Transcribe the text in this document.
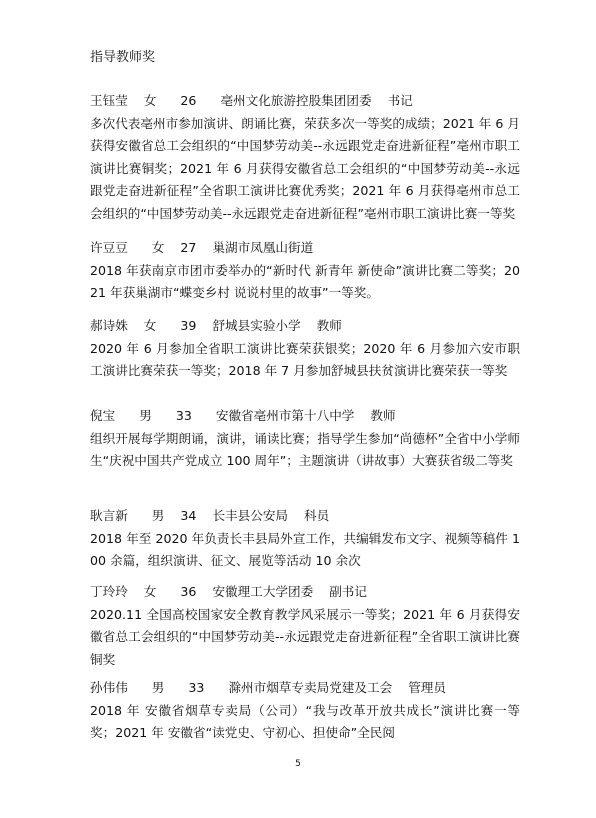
指导教师奖
王钰莹    女      26      亳州文化旅游控股集团团委    书记
多次代表亳州市参加演讲、朗诵比赛，荣获多次一等奖的成绩；2021 年 6 月获得安徽省总工会组织的“中国梦劳动美--永远跟党走奋进新征程”亳州市职工演讲比赛铜奖；2021 年 6 月获得安徽省总工会组织的“中国梦劳动美--永远跟党走奋进新征程”全省职工演讲比赛优秀奖；2021 年 6 月获得亳州市总工会组织的“中国梦劳动美--永远跟党走奋进新征程”亳州市职工演讲比赛一等奖
许豆豆      女    27    巢湖市凤凰山街道
2018 年获南京市团市委举办的“新时代 新青年 新使命”演讲比赛二等奖；2021 年获巢湖市“蝶变乡村 说说村里的故事”一等奖。
郝诗姝    女      39    舒城县实验小学    教师
2020 年 6 月参加全省职工演讲比赛荣获银奖；2020 年 6 月参加六安市职工演讲比赛荣获一等奖；2018 年 7 月参加舒城县扶贫演讲比赛荣获一等奖
倪宝      男      33      安徽省亳州市第十八中学    教师
组织开展每学期朗诵，演讲，诵读比赛；指导学生参加“尚德杯”全省中小学师生“庆祝中国共产党成立 100 周年”；主题演讲（讲故事）大赛获省级二等奖
耿言新      男    34    长丰县公安局    科员
2018 年至 2020 年负责长丰县局外宣工作，共编辑发布文字、视频等稿件 100 余篇，组织演讲、征文、展览等活动 10 余次
丁玲玲    女      36    安徽理工大学团委    副书记
2020.11 全国高校国家安全教育教学风采展示一等奖；2021 年 6 月获得安徽省总工会组织的“中国梦劳动美--永远跟党走奋进新征程”全省职工演讲比赛铜奖
孙伟伟      男      33      滁州市烟草专卖局党建及工会    管理员
2018 年 安徽省烟草专卖局（公司）“我与改革开放共成长”演讲比赛一等奖；2021 年 安徽省“读党史、守初心、担使命”全民阅
5
